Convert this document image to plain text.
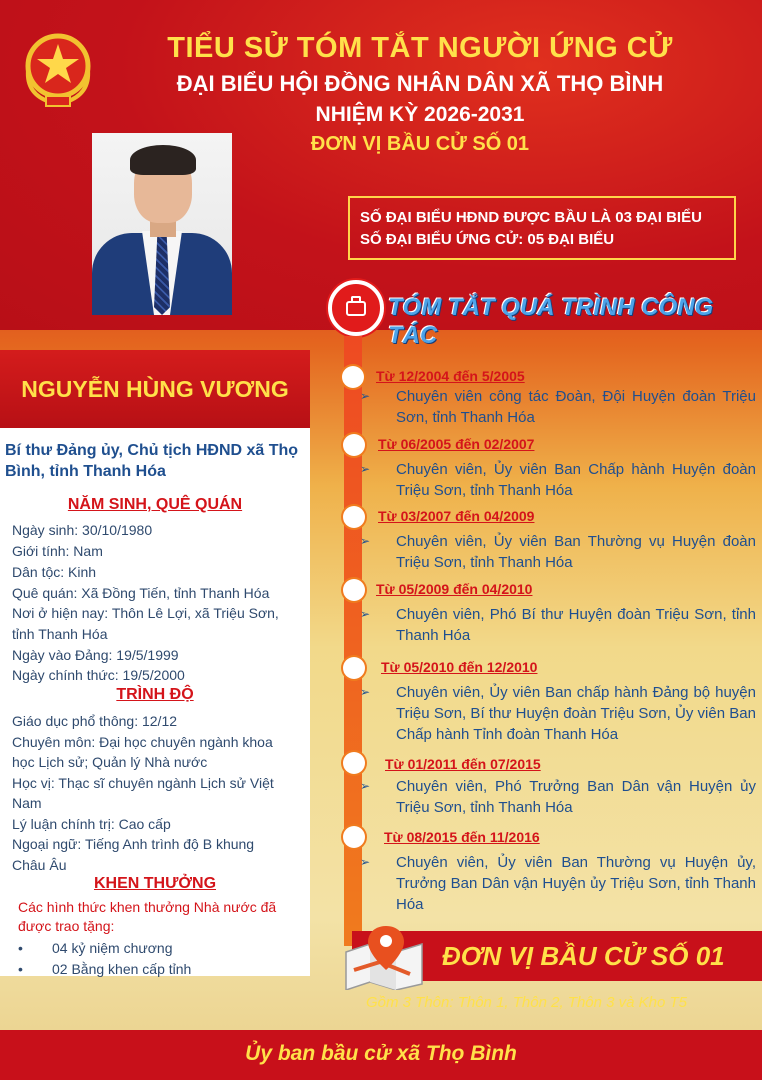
TIỂU SỬ TÓM TẮT NGƯỜI ỨNG CỬ
ĐẠI BIỂU HỘI ĐỒNG NHÂN DÂN XÃ THỌ BÌNH
NHIỆM KỲ 2026-2031
ĐƠN VỊ BẦU CỬ SỐ 01
SỐ ĐẠI BIỂU HĐND ĐƯỢC BẦU LÀ 03 ĐẠI BIỂU
SỐ ĐẠI BIỂU ỨNG CỬ: 05 ĐẠI BIỂU
TÓM TẮT QUÁ TRÌNH CÔNG TÁC
NGUYỄN HÙNG VƯƠNG
Bí thư Đảng ủy, Chủ tịch HĐND xã Thọ Bình, tỉnh Thanh Hóa
NĂM SINH, QUÊ QUÁN
Ngày sinh: 30/10/1980
Giới tính: Nam
Dân tộc: Kinh
Quê quán: Xã Đồng Tiến, tỉnh Thanh Hóa
Nơi ở hiện nay: Thôn Lê Lợi, xã Triệu Sơn,
tỉnh Thanh Hóa
Ngày vào Đảng: 19/5/1999
Ngày chính thức: 19/5/2000
TRÌNH ĐỘ
Giáo dục phổ thông: 12/12
Chuyên môn: Đại học chuyên ngành khoa
học Lịch sử; Quản lý Nhà nước
Học vị: Thạc sĩ chuyên ngành Lịch sử Việt
Nam
Lý luận chính trị: Cao cấp
Ngoại ngữ: Tiếng Anh trình độ B khung
Châu Âu
KHEN THƯỞNG
Các hình thức khen thưởng Nhà nước đã được trao tặng:
• 04 kỷ niệm chương
• 02 Bằng khen cấp tỉnh
Từ 12/2004 đến 5/2005
➢	Chuyên viên công tác Đoàn, Đội Huyện đoàn Triệu Sơn, tỉnh Thanh Hóa
Từ 06/2005 đến 02/2007
➢	Chuyên viên, Ủy viên Ban Chấp hành Huyện đoàn Triệu Sơn, tỉnh Thanh Hóa
Từ 03/2007 đến 04/2009
➢	Chuyên viên, Ủy viên Ban Thường vụ Huyện đoàn Triệu Sơn, tỉnh Thanh Hóa
Từ 05/2009 đến 04/2010
➢	Chuyên viên, Phó Bí thư Huyện đoàn Triệu Sơn, tỉnh Thanh Hóa
Từ 05/2010 đến 12/2010
➢	Chuyên viên, Ủy viên Ban chấp hành Đảng bộ huyện Triệu Sơn, Bí thư Huyện đoàn Triệu Sơn, Ủy viên Ban Chấp hành Tỉnh đoàn Thanh Hóa
Từ 01/2011 đến 07/2015
➢	Chuyên viên, Phó Trưởng Ban Dân vận Huyện ủy Triệu Sơn, tỉnh Thanh Hóa
Từ 08/2015 đến 11/2016
➢	Chuyên viên, Ủy viên Ban Thường vụ Huyện ủy, Trưởng Ban Dân vận Huyện ủy Triệu Sơn, tỉnh Thanh Hóa
ĐƠN VỊ BẦU CỬ SỐ 01
Gồm 3 Thôn: Thôn 1, Thôn 2, Thôn 3 và Kho T5
Ủy ban bầu cử xã Thọ Bình
